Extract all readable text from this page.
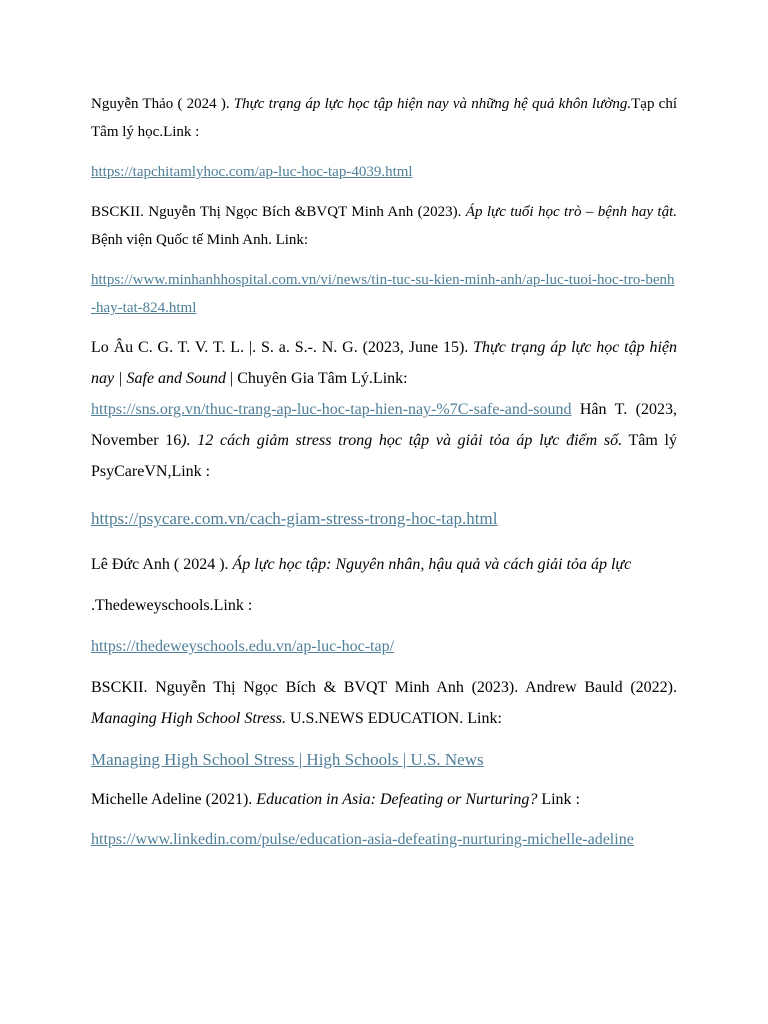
Nguyễn Thảo ( 2024 ). Thực trạng áp lực học tập hiện nay và những hệ quả khôn lường.Tạp chí Tâm lý học.Link :

https://tapchitamlyhoc.com/ap-luc-hoc-tap-4039.html

BSCKII. Nguyễn Thị Ngọc Bích &BVQT Minh Anh (2023). Áp lực tuổi học trò – bệnh hay tật. Bệnh viện Quốc tế Minh Anh. Link:

https://www.minhanhhospital.com.vn/vi/news/tin-tuc-su-kien-minh-anh/ap-luc-tuoi-hoc-tro-benh-hay-tat-824.html

Lo Âu C. G. T. V. T. L. |. S. a. S.-. N. G. (2023, June 15). Thực trạng áp lực học tập hiện nay | Safe and Sound | Chuyên Gia Tâm Lý.Link:
https://sns.org.vn/thuc-trang-ap-luc-hoc-tap-hien-nay-%7C-safe-and-sound Hân T. (2023, November 16). 12 cách giảm stress trong học tập và giải tỏa áp lực điểm số. Tâm lý PsyCareVN,Link :

https://psycare.com.vn/cach-giam-stress-trong-hoc-tap.html

Lê Đức Anh ( 2024 ). Áp lực học tập: Nguyên nhân, hậu quả và cách giải tỏa áp lực

.Thedeweyschools.Link :

https://thedeweyschools.edu.vn/ap-luc-hoc-tap/

BSCKII. Nguyễn Thị Ngọc Bích & BVQT Minh Anh (2023). Andrew Bauld (2022). Managing High School Stress. U.S.NEWS EDUCATION. Link:

Managing High School Stress | High Schools | U.S. News

Michelle Adeline (2021). Education in Asia: Defeating or Nurturing? Link :

https://www.linkedin.com/pulse/education-asia-defeating-nurturing-michelle-adeline
